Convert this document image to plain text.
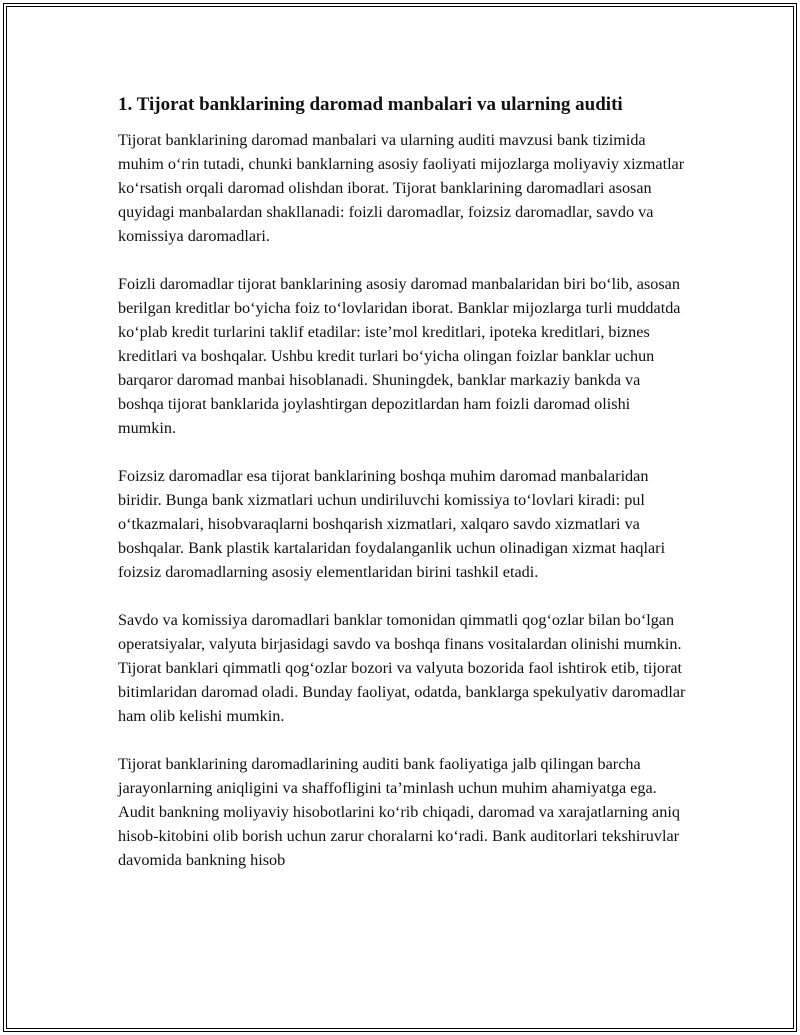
1. Tijorat banklarining daromad manbalari va ularning auditi

Tijorat banklarining daromad manbalari va ularning auditi mavzusi bank tizimida muhim oʻrin tutadi, chunki banklarning asosiy faoliyati mijozlarga moliyaviy xizmatlar koʻrsatish orqali daromad olishdan iborat. Tijorat banklarining daromadlari asosan quyidagi manbalardan shakllanadi: foizli daromadlar, foizsiz daromadlar, savdo va komissiya daromadlari.

Foizli daromadlar tijorat banklarining asosiy daromad manbalaridan biri boʻlib, asosan berilgan kreditlar boʻyicha foiz toʻlovlaridan iborat. Banklar mijozlarga turli muddatda koʻplab kredit turlarini taklif etadilar: isteʼmol kreditlari, ipoteka kreditlari, biznes kreditlari va boshqalar. Ushbu kredit turlari boʻyicha olingan foizlar banklar uchun barqaror daromad manbai hisoblanadi. Shuningdek, banklar markaziy bankda va boshqa tijorat banklarida joylashtirgan depozitlardan ham foizli daromad olishi mumkin.

Foizsiz daromadlar esa tijorat banklarining boshqa muhim daromad manbalaridan biridir. Bunga bank xizmatlari uchun undiriluvchi komissiya toʻlovlari kiradi: pul oʻtkazmalari, hisobvaraqlarni boshqarish xizmatlari, xalqaro savdo xizmatlari va boshqalar. Bank plastik kartalaridan foydalanganlik uchun olinadigan xizmat haqlari foizsiz daromadlarning asosiy elementlaridan birini tashkil etadi.

Savdo va komissiya daromadlari banklar tomonidan qimmatli qogʻozlar bilan boʻlgan operatsiyalar, valyuta birjasidagi savdo va boshqa finans vositalardan olinishi mumkin. Tijorat banklari qimmatli qogʻozlar bozori va valyuta bozorida faol ishtirok etib, tijorat bitimlaridan daromad oladi. Bunday faoliyat, odatda, banklarga spekulyativ daromadlar ham olib kelishi mumkin.

Tijorat banklarining daromadlarining auditi bank faoliyatiga jalb qilingan barcha jarayonlarning aniqligini va shaffofligini taʼminlash uchun muhim ahamiyatga ega. Audit bankning moliyaviy hisobotlarini koʻrib chiqadi, daromad va xarajatlarning aniq hisob-kitobini olib borish uchun zarur choralarni koʻradi. Bank auditorlari tekshiruvlar davomida bankning hisob
